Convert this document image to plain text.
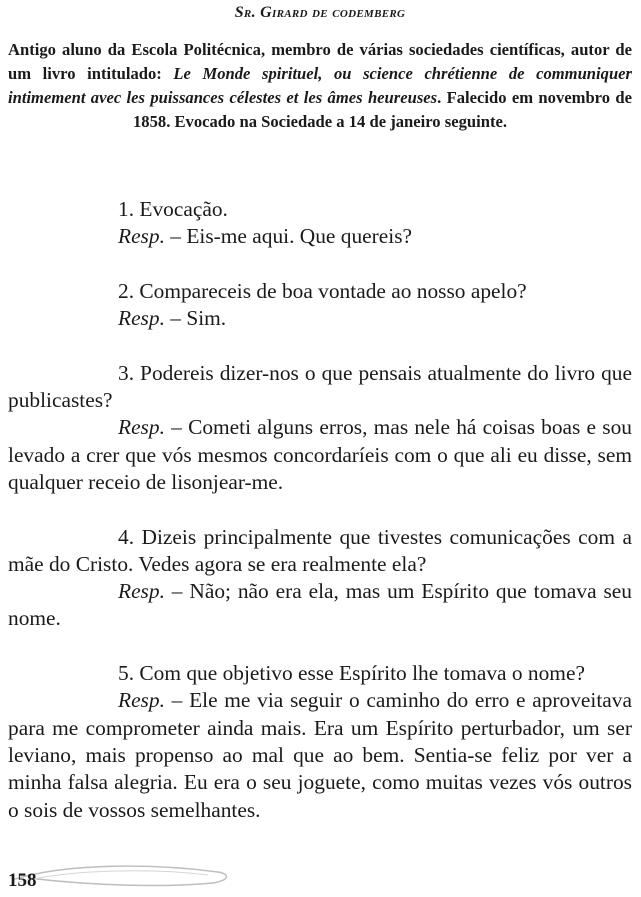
Sr. Girard de codemberg
Antigo aluno da Escola Politécnica, membro de várias sociedades científicas, autor de um livro intitulado: Le Monde spirituel, ou science chrétienne de communiquer intimement avec les puissances célestes et les âmes heureuses. Falecido em novembro de 1858. Evocado na Sociedade a 14 de janeiro seguinte.

1. Evocação.

Resp. – Eis-me aqui. Que quereis?

2. Compareceis de boa vontade ao nosso apelo?

Resp. – Sim.

3. Podereis dizer-nos o que pensais atualmente do livro que publicastes?

Resp. – Cometi alguns erros, mas nele há coisas boas e sou levado a crer que vós mesmos concordaríeis com o que ali eu disse, sem qualquer receio de lisonjear-me.

4. Dizeis principalmente que tivestes comunicações com a mãe do Cristo. Vedes agora se era realmente ela?

Resp. – Não; não era ela, mas um Espírito que tomava seu nome.

5. Com que objetivo esse Espírito lhe tomava o nome?

Resp. – Ele me via seguir o caminho do erro e aproveitava para me comprometer ainda mais. Era um Espírito perturbador, um ser leviano, mais propenso ao mal que ao bem. Sentia-se feliz por ver a minha falsa alegria. Eu era o seu joguete, como muitas vezes vós outros o sois de vossos semelhantes.

158
